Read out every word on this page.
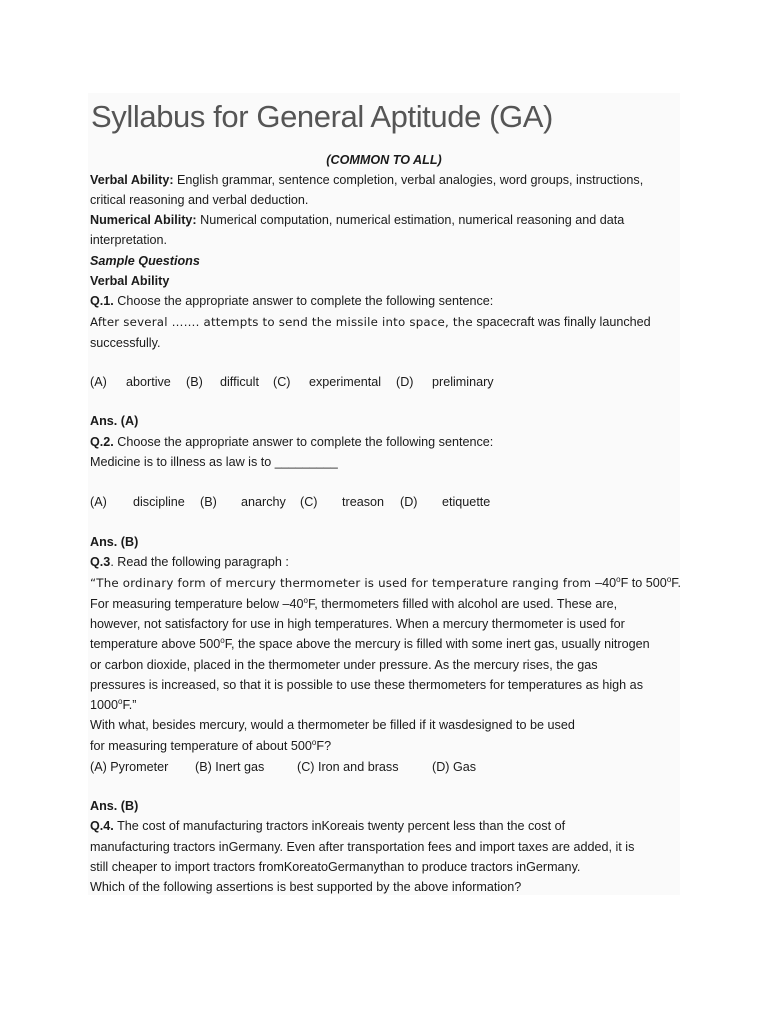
Syllabus for General Aptitude (GA)
(COMMON TO ALL)
Verbal Ability: English grammar, sentence completion, verbal analogies, word groups, instructions,
critical reasoning and verbal deduction.
Numerical Ability: Numerical computation, numerical estimation, numerical reasoning and data
interpretation.
Sample Questions
Verbal Ability
Q.1. Choose the appropriate answer to complete the following sentence:
After several ……. attempts to send the missile into space, the spacecraft was finally launched
successfully.
(A) abortive (B) difficult (C) experimental (D) preliminary
Ans. (A)
Q.2. Choose the appropriate answer to complete the following sentence:
Medicine is to illness as law is to _________
(A) discipline (B) anarchy (C) treason (D) etiquette
Ans. (B)
Q.3. Read the following paragraph :
“The ordinary form of mercury thermometer is used for temperature ranging from –40$^o$F to 500$^o$F.
For measuring temperature below –40$^o$F, thermometers filled with alcohol are used. These are,
however, not satisfactory for use in high temperatures. When a mercury thermometer is used for
temperature above 500$^o$F, the space above the mercury is filled with some inert gas, usually nitrogen
or carbon dioxide, placed in the thermometer under pressure. As the mercury rises, the gas
pressures is increased, so that it is possible to use these thermometers for temperatures as high as
1000$^o$F.”
With what, besides mercury, would a thermometer be filled if it wasdesigned to be used
for measuring temperature of about 500$^o$F?
(A) Pyrometer (B) Inert gas	(C) Iron and brass	(D) Gas
Ans. (B)
Q.4. The cost of manufacturing tractors inKoreais twenty percent less than the cost of
manufacturing tractors inGermany. Even after transportation fees and import taxes are added, it is
still cheaper to import tractors fromKoreatoGermanythan to produce tractors inGermany.
Which of the following assertions is best supported by the above information?
